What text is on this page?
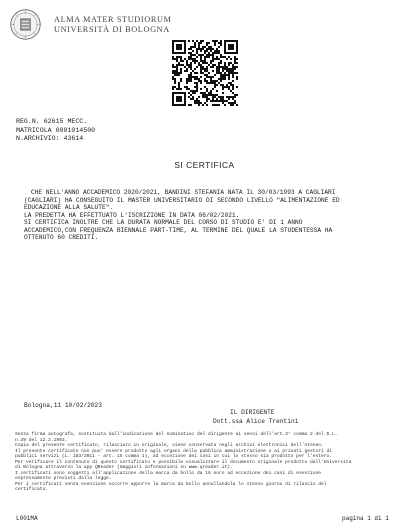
ALMA MATER STUDIORUM
UNIVERSITÀ DI BOLOGNA
REG.N. 62615 MECC.
MATRICOLA 0001014500
N.ARCHIVIO: 43614
SI CERTIFICA
CHE NELL'ANNO ACCADEMICO 2020/2021, BANDINI STEFANIA NATA IL 30/03/1993 A CAGLIARI
(CAGLIARI) HA CONSEGUITO IL MASTER UNIVERSITARIO DI SECONDO LIVELLO "ALIMENTAZIONE ED
EDUCAZIONE ALLA SALUTE".
LA PREDETTA HA EFFETTUATO L'ISCRIZIONE IN DATA 06/02/2021.
SI CERTIFICA INOLTRE CHE LA DURATA NORMALE DEL CORSO DI STUDIO E' DI 1 ANNO
ACCADEMICO,CON FREQUENZA BIENNALE PART-TIME, AL TERMINE DEL QUALE LA STUDENTESSA HA
OTTENUTO 60 CREDITI.
Bologna,11 10/02/2023
IL DIRIGENTE
Dott.ssa Alice Trentini
Senza firma autografa, sostituita dall'indicazione del nominativo del dirigente ai sensi dell'art.3° comma 2 del D.L.
n.39 del 12.2.1993.
Copia del presente certificato, rilasciato in originale, viene conservata negli archivi elettronici dell'Ateneo.
Il presente certificato non puo' essere prodotto agli organi della pubblica amministrazione o ai privati gestori di
pubblici servizi (L. 183/2011 - art. 15 comma 1), ad eccezione dei casi in cui lo stesso sia prodotto per l'estero.
Per verificare il contenuto di questo certificato e possibile visualizzare il documento originale prodotto dall'Universita
di Bologna attraverso la app QReader (maggiori informazioni su www.qreader.it).
I certificati sono soggetti all'applicazione della marca da bollo da 16 euro ad eccezione dei casi di esenzione
espressamente previsti dalla legge.
Per i certificati senza esenzione occorre apporre la marca da bollo annullandola lo stesso giorno di rilascio del
certificato.
L001MA	pagina 1 di 1
